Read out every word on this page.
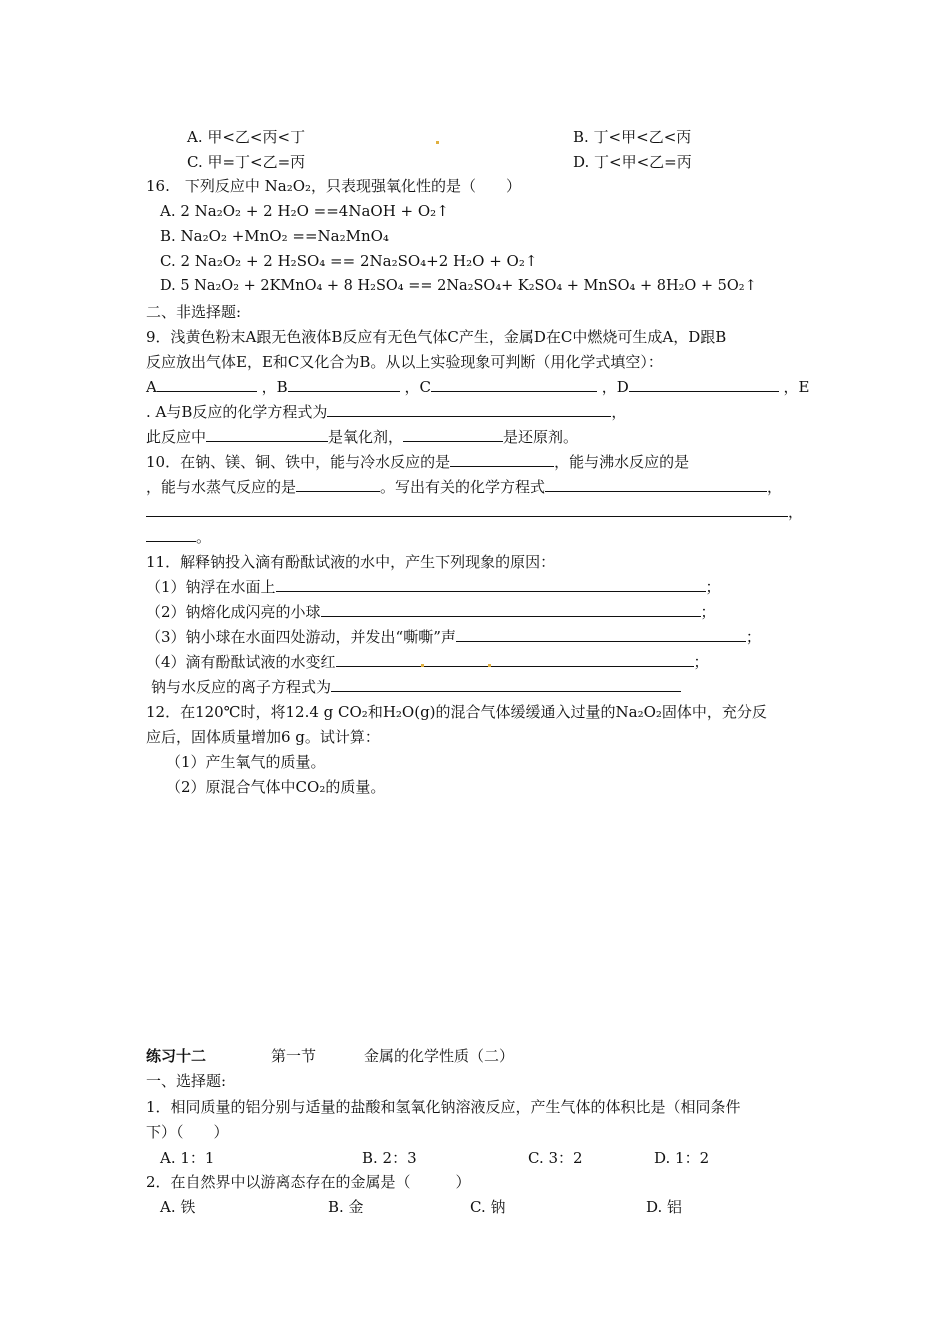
A. 甲<乙<丙<丁	B. 丁<甲<乙<丙
C. 甲=丁<乙=丙	D. 丁<甲<乙=丙
16.　下列反应中 Na₂O₂，只表现强氧化性的是（　　）
A. 2 Na₂O₂ + 2 H₂O ==4NaOH + O₂↑
B. Na₂O₂ +MnO₂ ==Na₂MnO₄
C. 2 Na₂O₂ + 2 H₂SO₄ == 2Na₂SO₄+2 H₂O + O₂↑
D. 5 Na₂O₂ + 2KMnO₄ + 8 H₂SO₄ == 2Na₂SO₄+ K₂SO₄ + MnSO₄ + 8H₂O + 5O₂↑
二、非选择题:
9．浅黄色粉末A跟无色液体B反应有无色气体C产生，金属D在C中燃烧可生成A，D跟B
反应放出气体E，E和C又化合为B。从以上实验现象可判断（用化学式填空）：
A	，B	，C	，D	，E
. A与B反应的化学方程式为	，
此反应中	是氧化剂，	是还原剂。
10．在钠、镁、铜、铁中，能与冷水反应的是	，能与沸水反应的是
，能与水蒸气反应的是	。写出有关的化学方程式	，
，
。
11．解释钠投入滴有酚酞试液的水中，产生下列现象的原因：
（1）钠浮在水面上	；
（2）钠熔化成闪亮的小球	；
（3）钠小球在水面四处游动，并发出“嘶嘶”声	；
（4）滴有酚酞试液的水变红	；
钠与水反应的离子方程式为
12．在120℃时，将12.4 g CO₂和H₂O(g)的混合气体缓缓通入过量的Na₂O₂固体中，充分反
应后，固体质量增加6 g。试计算：
（1）产生氧气的质量。
（2）原混合气体中CO₂的质量。
练习十二	第一节	金属的化学性质（二）
一、选择题:
1．相同质量的铝分别与适量的盐酸和氢氧化钠溶液反应，产生气体的体积比是（相同条件
下）（　　）
A. 1：1	B. 2：3	C. 3：2	D. 1：2
2．在自然界中以游离态存在的金属是（　　　）
A. 铁	B. 金	C. 钠	D. 铝
